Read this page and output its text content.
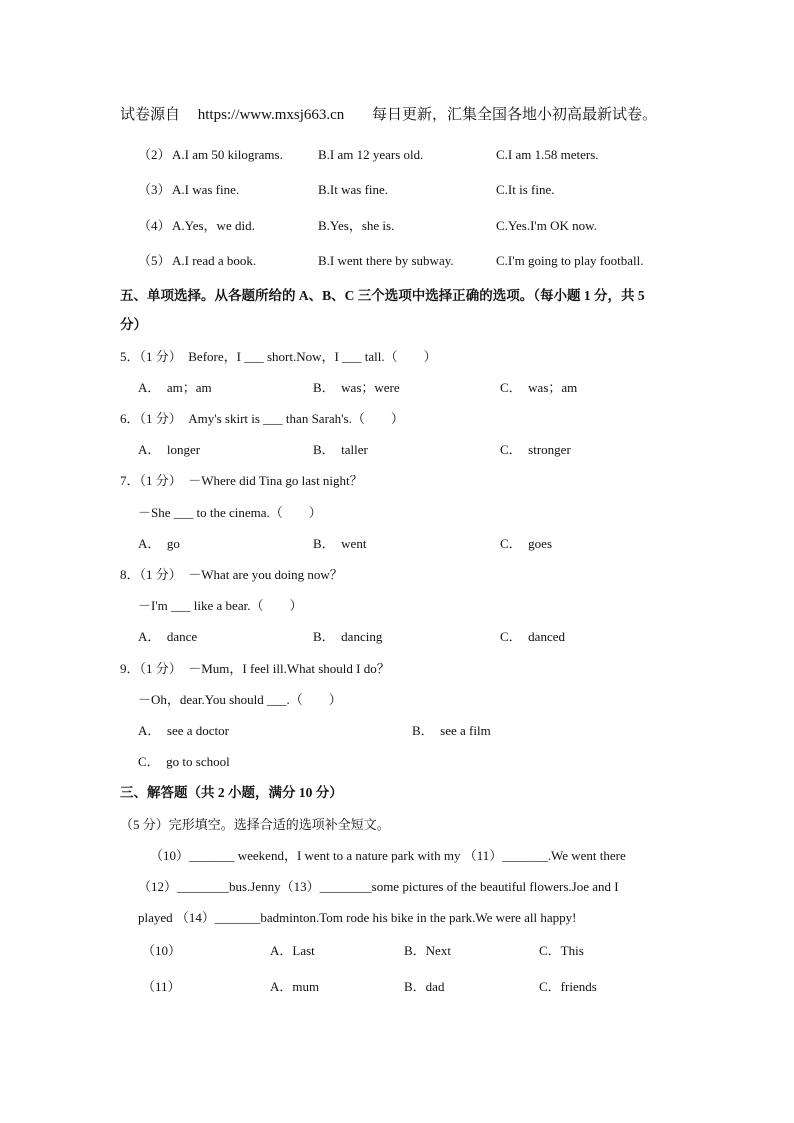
试卷源自 https://www.mxsj663.cn 每日更新，汇集全国各地小初高最新试卷。
（2） A.I am 50 kilograms.	B.I am 12 years old.	C.I am 1.58 meters.
（3） A.I was fine.	B.It was fine.	C.It is fine.
（4） A.Yes，we did.	B.Yes，she is.	C.Yes.I'm OK now.
（5） A.I read a book.	B.I went there by subway.	C.I'm going to play football.
五、单项选择。从各题所给的 A、B、C 三个选项中选择正确的选项。（每小题 1 分，共 5
分）
5．（1 分）　Before，I ___ short.Now，I ___ tall.（　　）
A．　am；am	B．　was；were	C．　was；am
6．（1 分）　Amy's skirt is ___ than Sarah's.（　　）
A．　longer	B．　taller	C．　stronger
7．（1 分）　－Where did Tina go last night？
－She ___ to the cinema.（　　）
A．　go	B．　went	C．　goes
8．（1 分）　－What are you doing now？
－I'm ___ like a bear.（　　）
A．　dance	B．　dancing	C．　danced
9．（1 分）　－Mum，I feel ill.What should I do？
－Oh，dear.You should ___.（　　）
A．　see a doctor	B．　see a film
C．　go to school
三、解答题（共 2 小题，满分 10 分）
（5 分）完形填空。选择合适的选项补全短文。
（10）_______ weekend，I went to a nature park with my （11）_______.We went there
（12）________bus.Jenny（13）________some pictures of the beautiful flowers.Joe and I
played （14）_______badminton.Tom rode his bike in the park.We were all happy!
（10）	A．Last	B．Next	C．This
（11）	A．mum	B．dad	C．friends
